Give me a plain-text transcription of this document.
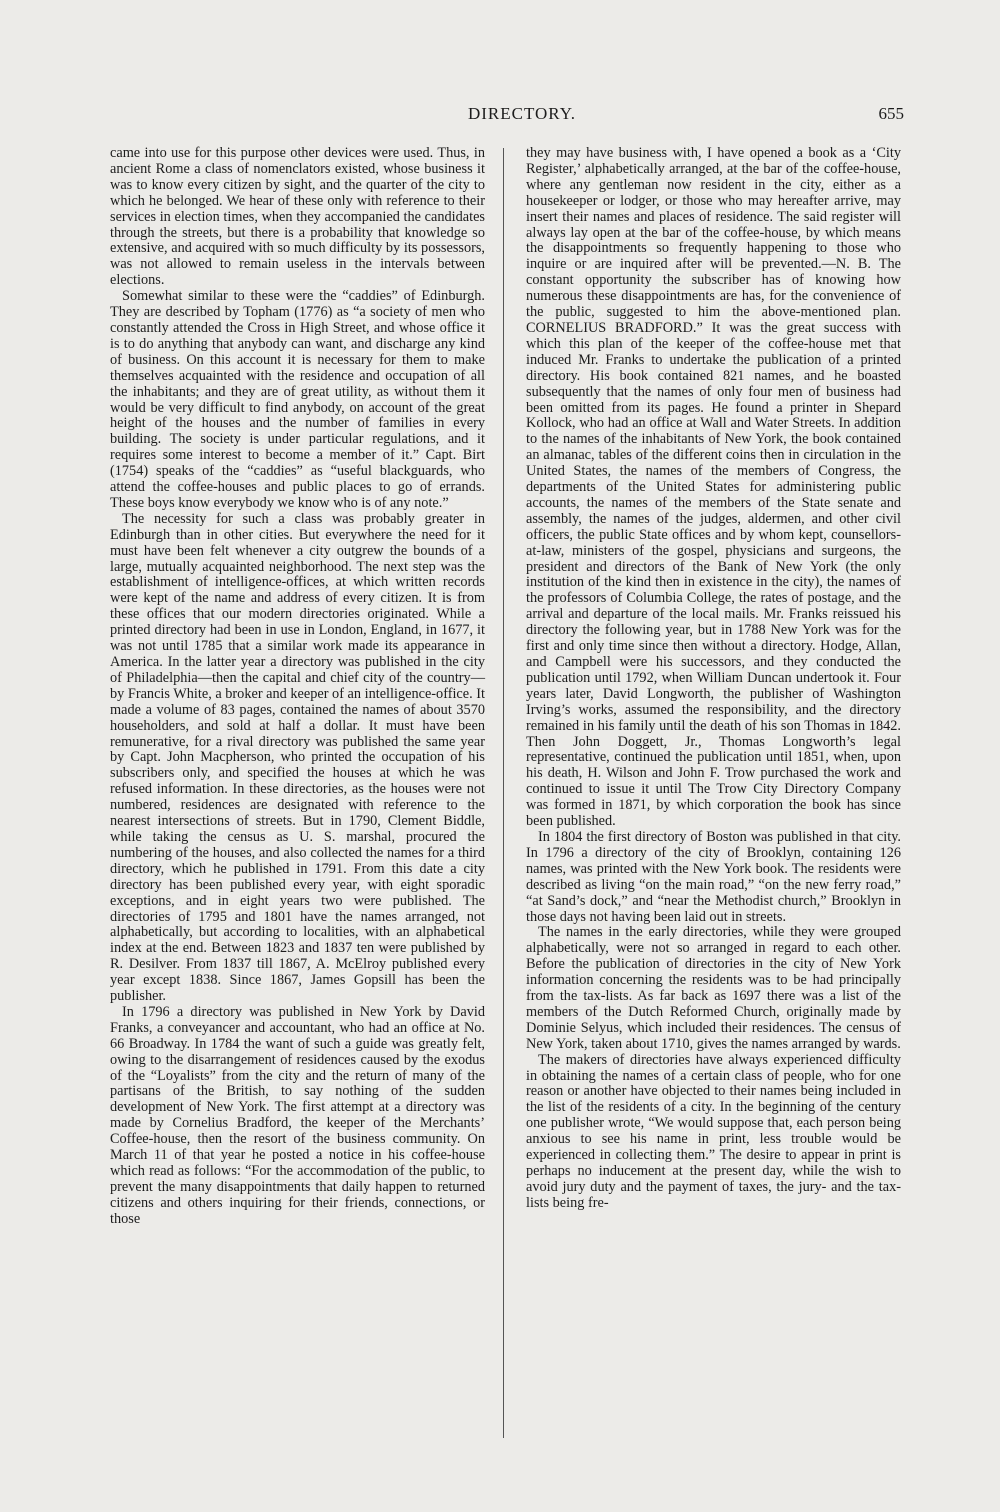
DIRECTORY.	655

came into use for this purpose other devices were used. Thus, in ancient Rome a class of nomenclators existed, whose business it was to know every citizen by sight, and the quarter of the city to which he belonged. We hear of these only with reference to their services in election times, when they accompanied the candidates through the streets, but there is a probability that knowledge so extensive, and acquired with so much difficulty by its possessors, was not allowed to remain useless in the intervals between elections.

Somewhat similar to these were the “caddies” of Edinburgh. They are described by Topham (1776) as “a society of men who constantly attended the Cross in High Street, and whose office it is to do anything that anybody can want, and discharge any kind of business. On this account it is necessary for them to make themselves acquainted with the residence and occupation of all the inhabitants; and they are of great utility, as without them it would be very difficult to find anybody, on account of the great height of the houses and the number of families in every building. The society is under particular regulations, and it requires some interest to become a member of it.” Capt. Birt (1754) speaks of the “caddies” as “useful blackguards, who attend the coffee-houses and public places to go of errands. These boys know everybody we know who is of any note.”

The necessity for such a class was probably greater in Edinburgh than in other cities. But everywhere the need for it must have been felt whenever a city outgrew the bounds of a large, mutually acquainted neighborhood. The next step was the establishment of intelligence-offices, at which written records were kept of the name and address of every citizen. It is from these offices that our modern directories originated. While a printed directory had been in use in London, England, in 1677, it was not until 1785 that a similar work made its appearance in America. In the latter year a directory was published in the city of Philadelphia—then the capital and chief city of the country—by Francis White, a broker and keeper of an intelligence-office. It made a volume of 83 pages, contained the names of about 3570 householders, and sold at half a dollar. It must have been remunerative, for a rival directory was published the same year by Capt. John Macpherson, who printed the occupation of his subscribers only, and specified the houses at which he was refused information. In these directories, as the houses were not numbered, residences are designated with reference to the nearest intersections of streets. But in 1790, Clement Biddle, while taking the census as U. S. marshal, procured the numbering of the houses, and also collected the names for a third directory, which he published in 1791. From this date a city directory has been published every year, with eight sporadic exceptions, and in eight years two were published. The directories of 1795 and 1801 have the names arranged, not alphabetically, but according to localities, with an alphabetical index at the end. Between 1823 and 1837 ten were published by R. Desilver. From 1837 till 1867, A. McElroy published every year except 1838. Since 1867, James Gopsill has been the publisher.

In 1796 a directory was published in New York by David Franks, a conveyancer and accountant, who had an office at No. 66 Broadway. In 1784 the want of such a guide was greatly felt, owing to the disarrangement of residences caused by the exodus of the “Loyalists” from the city and the return of many of the partisans of the British, to say nothing of the sudden development of New York. The first attempt at a directory was made by Cornelius Bradford, the keeper of the Merchants’ Coffee-house, then the resort of the business community. On March 11 of that year he posted a notice in his coffee-house which read as follows: “For the accommodation of the public, to prevent the many disappointments that daily happen to returned citizens and others inquiring for their friends, connections, or those

they may have business with, I have opened a book as a ‘City Register,’ alphabetically arranged, at the bar of the coffee-house, where any gentleman now resident in the city, either as a housekeeper or lodger, or those who may hereafter arrive, may insert their names and places of residence. The said register will always lay open at the bar of the coffee-house, by which means the disappointments so frequently happening to those who inquire or are inquired after will be prevented.—N. B. The constant opportunity the subscriber has of knowing how numerous these disappointments are has, for the convenience of the public, suggested to him the above-mentioned plan. CORNELIUS BRADFORD.” It was the great success with which this plan of the keeper of the coffee-house met that induced Mr. Franks to undertake the publication of a printed directory. His book contained 821 names, and he boasted subsequently that the names of only four men of business had been omitted from its pages. He found a printer in Shepard Kollock, who had an office at Wall and Water Streets. In addition to the names of the inhabitants of New York, the book contained an almanac, tables of the different coins then in circulation in the United States, the names of the members of Congress, the departments of the United States for administering public accounts, the names of the members of the State senate and assembly, the names of the judges, aldermen, and other civil officers, the public State offices and by whom kept, counsellors-at-law, ministers of the gospel, physicians and surgeons, the president and directors of the Bank of New York (the only institution of the kind then in existence in the city), the names of the professors of Columbia College, the rates of postage, and the arrival and departure of the local mails. Mr. Franks reissued his directory the following year, but in 1788 New York was for the first and only time since then without a directory. Hodge, Allan, and Campbell were his successors, and they conducted the publication until 1792, when William Duncan undertook it. Four years later, David Longworth, the publisher of Washington Irving’s works, assumed the responsibility, and the directory remained in his family until the death of his son Thomas in 1842. Then John Doggett, Jr., Thomas Longworth’s legal representative, continued the publication until 1851, when, upon his death, H. Wilson and John F. Trow purchased the work and continued to issue it until The Trow City Directory Company was formed in 1871, by which corporation the book has since been published.

In 1804 the first directory of Boston was published in that city. In 1796 a directory of the city of Brooklyn, containing 126 names, was printed with the New York book. The residents were described as living “on the main road,” “on the new ferry road,” “at Sand’s dock,” and “near the Methodist church,” Brooklyn in those days not having been laid out in streets.

The names in the early directories, while they were grouped alphabetically, were not so arranged in regard to each other. Before the publication of directories in the city of New York information concerning the residents was to be had principally from the tax-lists. As far back as 1697 there was a list of the members of the Dutch Reformed Church, originally made by Dominie Selyus, which included their residences. The census of New York, taken about 1710, gives the names arranged by wards.

The makers of directories have always experienced difficulty in obtaining the names of a certain class of people, who for one reason or another have objected to their names being included in the list of the residents of a city. In the beginning of the century one publisher wrote, “We would suppose that, each person being anxious to see his name in print, less trouble would be experienced in collecting them.” The desire to appear in print is perhaps no inducement at the present day, while the wish to avoid jury duty and the payment of taxes, the jury- and the tax-lists being fre-
